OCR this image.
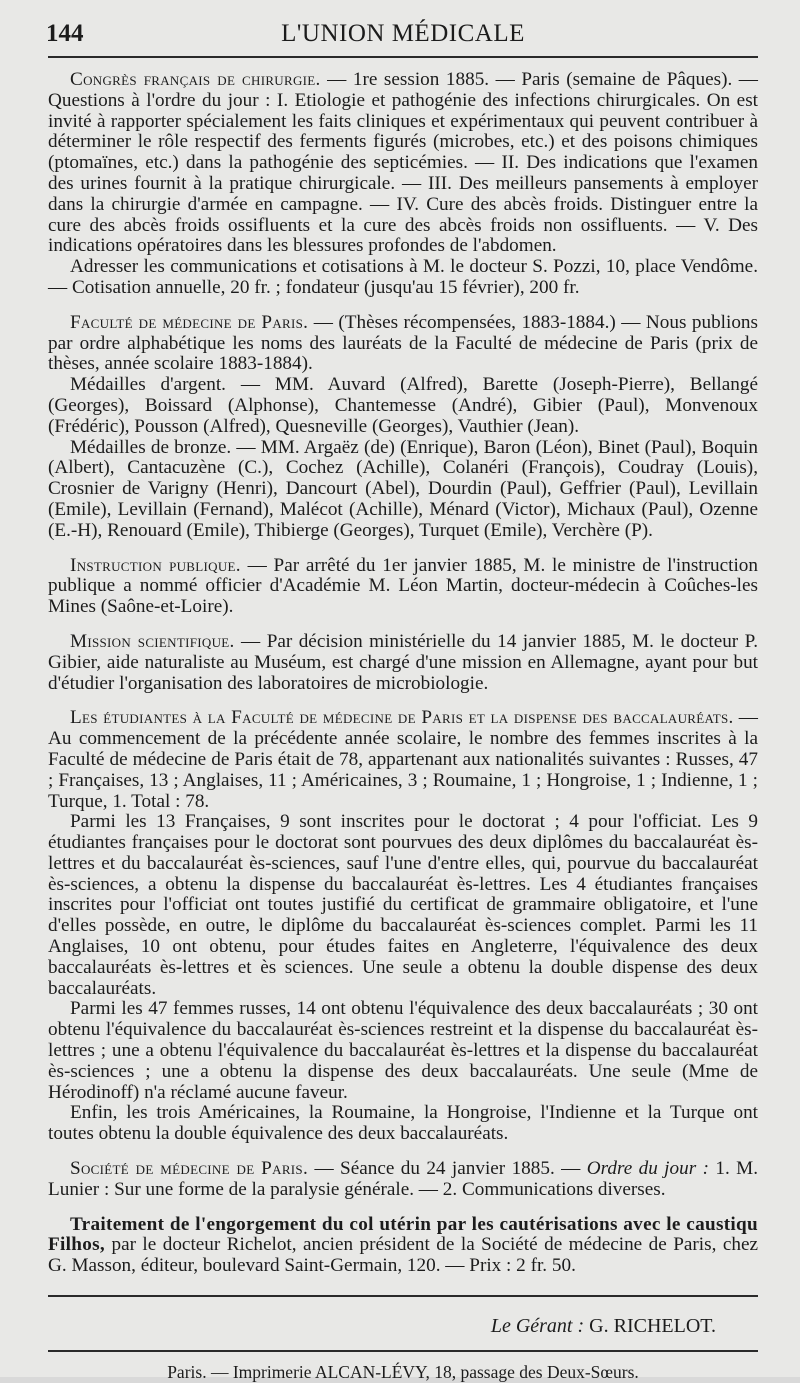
144	L'UNION MÉDICALE

Congrès français de chirurgie. — 1re session 1885. — Paris (semaine de Pâques). — Questions à l'ordre du jour : I. Etiologie et pathogénie des infections chirurgicales. On est invité à rapporter spécialement les faits cliniques et expérimentaux qui peuvent contribuer à déterminer le rôle respectif des ferments figurés (microbes, etc.) et des poisons chimiques (ptomaïnes, etc.) dans la pathogénie des septicémies. — II. Des indications que l'examen des urines fournit à la pratique chirurgicale. — III. Des meilleurs pansements à employer dans la chirurgie d'armée en campagne. — IV. Cure des abcès froids. Distinguer entre la cure des abcès froids ossifluents et la cure des abcès froids non ossifluents. — V. Des indications opératoires dans les blessures profondes de l'abdomen.

Adresser les communications et cotisations à M. le docteur S. Pozzi, 10, place Vendôme. — Cotisation annuelle, 20 fr. ; fondateur (jusqu'au 15 février), 200 fr.

Faculté de médecine de Paris. — (Thèses récompensées, 1883-1884.) — Nous publions par ordre alphabétique les noms des lauréats de la Faculté de médecine de Paris (prix de thèses, année scolaire 1883-1884).

Médailles d'argent. — MM. Auvard (Alfred), Barette (Joseph-Pierre), Bellangé (Georges), Boissard (Alphonse), Chantemesse (André), Gibier (Paul), Monvenoux (Frédéric), Pousson (Alfred), Quesneville (Georges), Vauthier (Jean).

Médailles de bronze. — MM. Argaëz (de) (Enrique), Baron (Léon), Binet (Paul), Boquin (Albert), Cantacuzène (C.), Cochez (Achille), Colanéri (François), Coudray (Louis), Crosnier de Varigny (Henri), Dancourt (Abel), Dourdin (Paul), Geffrier (Paul), Levillain (Emile), Levillain (Fernand), Malécot (Achille), Ménard (Victor), Michaux (Paul), Ozenne (E.-H), Renouard (Emile), Thibierge (Georges), Turquet (Emile), Verchère (P).

Instruction publique. — Par arrêté du 1er janvier 1885, M. le ministre de l'instruction publique a nommé officier d'Académie M. Léon Martin, docteur-médecin à Coûches-les Mines (Saône-et-Loire).

Mission scientifique. — Par décision ministérielle du 14 janvier 1885, M. le docteur P. Gibier, aide naturaliste au Muséum, est chargé d'une mission en Allemagne, ayant pour but d'étudier l'organisation des laboratoires de microbiologie.

Les étudiantes à la Faculté de médecine de Paris et la dispense des baccalauréats. — Au commencement de la précédente année scolaire, le nombre des femmes inscrites à la Faculté de médecine de Paris était de 78, appartenant aux nationalités suivantes : Russes, 47 ; Françaises, 13 ; Anglaises, 11 ; Américaines, 3 ; Roumaine, 1 ; Hongroise, 1 ; Indienne, 1 ; Turque, 1. Total : 78.

Parmi les 13 Françaises, 9 sont inscrites pour le doctorat ; 4 pour l'officiat. Les 9 étudiantes françaises pour le doctorat sont pourvues des deux diplômes du baccalauréat ès-lettres et du baccalauréat ès-sciences, sauf l'une d'entre elles, qui, pourvue du baccalauréat ès-sciences, a obtenu la dispense du baccalauréat ès-lettres. Les 4 étudiantes françaises inscrites pour l'officiat ont toutes justifié du certificat de grammaire obligatoire, et l'une d'elles possède, en outre, le diplôme du baccalauréat ès-sciences complet. Parmi les 11 Anglaises, 10 ont obtenu, pour études faites en Angleterre, l'équivalence des deux baccalauréats ès-lettres et ès sciences. Une seule a obtenu la double dispense des deux baccalauréats.

Parmi les 47 femmes russes, 14 ont obtenu l'équivalence des deux baccalauréats ; 30 ont obtenu l'équivalence du baccalauréat ès-sciences restreint et la dispense du baccalauréat ès-lettres ; une a obtenu l'équivalence du baccalauréat ès-lettres et la dispense du baccalauréat ès-sciences ; une a obtenu la dispense des deux baccalauréats. Une seule (Mme de Hérodinoff) n'a réclamé aucune faveur.

Enfin, les trois Américaines, la Roumaine, la Hongroise, l'Indienne et la Turque ont toutes obtenu la double équivalence des deux baccalauréats.

Société de médecine de Paris. — Séance du 24 janvier 1885. — Ordre du jour : 1. M. Lunier : Sur une forme de la paralysie générale. — 2. Communications diverses.

Traitement de l'engorgement du col utérin par les cautérisations avec le caustiqu Filhos, par le docteur Richelot, ancien président de la Société de médecine de Paris, chez G. Masson, éditeur, boulevard Saint-Germain, 120. — Prix : 2 fr. 50.

Le Gérant : G. RICHELOT.
Paris. — Imprimerie ALCAN-LÉVY, 18, passage des Deux-Sœurs.
